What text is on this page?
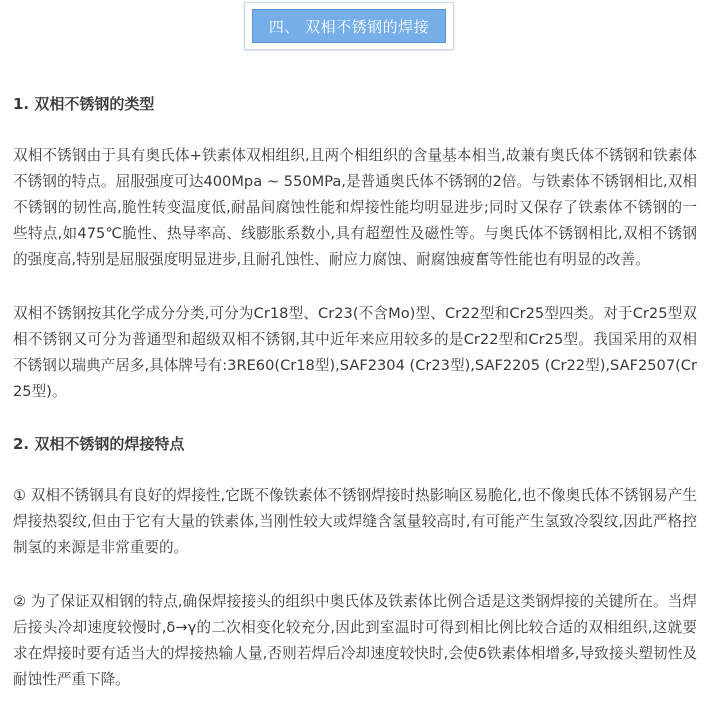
四、 双相不锈钢的焊接
1. 双相不锈钢的类型

双相不锈钢由于具有奥氏体+铁素体双相组织,且两个相组织的含量基本相当,故兼有奥氏体不锈钢和铁素体不锈钢的特点。屈服强度可达400Mpa ~ 550MPa,是普通奥氏体不锈钢的2倍。与铁素体不锈钢相比,双相不锈钢的韧性高,脆性转变温度低,耐晶间腐蚀性能和焊接性能均明显进步;同时又保存了铁素体不锈钢的一些特点,如475℃脆性、热导率高、线膨胀系数小,具有超塑性及磁性等。与奥氏体不锈钢相比,双相不锈钢的强度高,特别是屈服强度明显进步,且耐孔蚀性、耐应力腐蚀、耐腐蚀疲奮等性能也有明显的改善。

双相不锈钢按其化学成分分类,可分为Cr18型、Cr23(不含Mo)型、Cr22型和Cr25型四类。对于Cr25型双相不锈钢又可分为普通型和超级双相不锈钢,其中近年来应用较多的是Cr22型和Cr25型。我国采用的双相不锈钢以瑞典产居多,具体牌号有:3RE60(Cr18型),SAF2304 (Cr23型),SAF2205 (Cr22型),SAF2507(Cr25型)。

2. 双相不锈钢的焊接特点

① 双相不锈钢具有良好的焊接性,它既不像铁素体不锈钢焊接时热影响区易脆化,也不像奥氏体不锈钢易产生焊接热裂纹,但由于它有大量的铁素体,当刚性较大或焊缝含氢量较高时,有可能产生氢致冷裂纹,因此严格控制氢的来源是非常重要的。

② 为了保证双相钢的特点,确保焊接接头的组织中奥氏体及铁素体比例合适是这类钢焊接的关键所在。当焊后接头冷却速度较慢时,δ→γ的二次相变化较充分,因此到室温时可得到相比例比较合适的双相组织,这就要求在焊接时要有适当大的焊接热输人量,否则若焊后冷却速度较快时,会使δ铁素体相增多,导致接头塑韧性及耐蚀性严重下降。
